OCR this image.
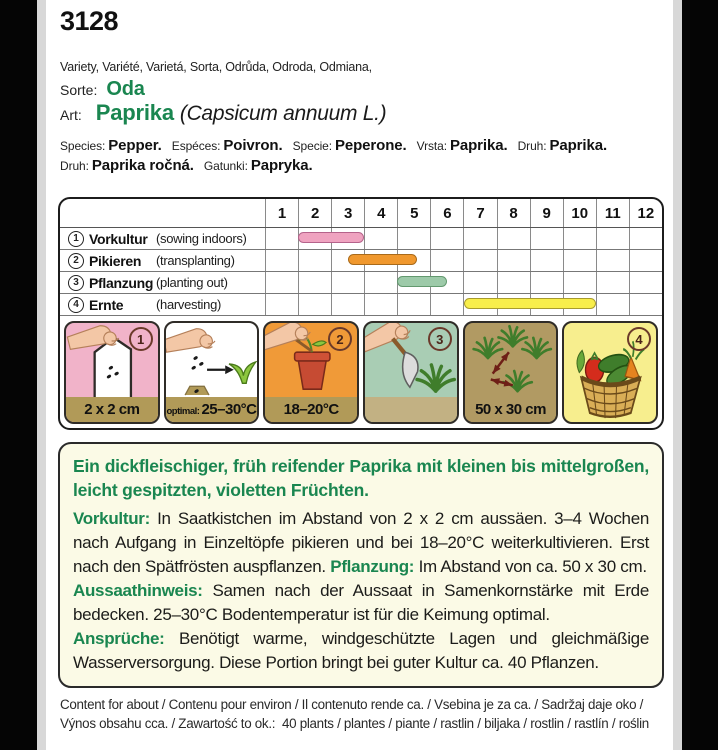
3128
Variety, Variété, Varietá, Sorta, Odrůda, Odroda, Odmiana,
Sorte: Oda
Art: Paprika (Capsicum annuum L.)
Species: Pepper. Espéces: Poivron. Specie: Peperone. Vrsta: Paprika. Druh: Paprika.
Druh: Paprika ročná. Gatunki: Papryka.
1	2	3	4	5	6	7	8	9	10	11	12
1 Vorkultur (sowing indoors)
2 Pikieren (transplanting)
3 Pflanzung (planting out)
4 Ernte	(harvesting)
2 x 2 cm
1
optimal: 25–30°C 18–20°C
2	3
50 x 30 cm
4

Ein dickfleischiger, früh reifender Paprika mit kleinen bis mittelgroßen, leicht gespitzten, violetten Früchten.

Vorkultur: In Saatkistchen im Abstand von 2 x 2 cm aussäen. 3–4 Wochen nach Aufgang in Einzeltöpfe pikieren und bei 18–20°C weiterkultivieren. Erst nach den Spätfrösten auspflanzen. Pflanzung: Im Abstand von ca. 50 x 30 cm.

Aussaathinweis: Samen nach der Aussaat in Samenkornstärke mit Erde bedecken. 25–30°C Bodentemperatur ist für die Keimung optimal.

Ansprüche: Benötigt warme, windgeschützte Lagen und gleichmäßige Wasserversorgung. Diese Portion bringt bei guter Kultur ca. 40 Pflanzen.

Content for about / Contenu pour environ / Il contenuto rende ca. / Vsebina je za ca. / Sadržaj daje oko /
Výnos obsahu cca. / Zawartość to ok.:  40 plants / plantes / piante / rastlin / biljaka / rostlin / rastlín / roślin
